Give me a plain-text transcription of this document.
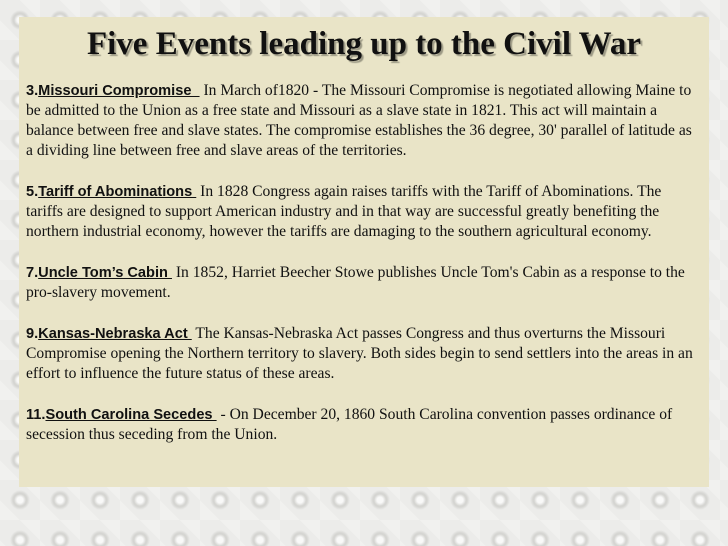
Five Events leading up to the Civil War

3.Missouri Compromise   In March of1820 - The Missouri Compromise is negotiated allowing Maine to be admitted to the Union as a free state and Missouri as a slave state in 1821. This act will maintain a balance between free and slave states. The compromise establishes the 36 degree, 30' parallel of latitude as a dividing line between free and slave areas of the territories.

5.Tariff of Abominations  In 1828 Congress again raises tariffs with the Tariff of Abominations. The tariffs are designed to support American industry and in that way are successful greatly benefiting the northern industrial economy, however the tariffs are damaging to the southern agricultural economy.

7.Uncle Tom’s Cabin  In 1852, Harriet Beecher Stowe publishes Uncle Tom's Cabin as a response to the pro-slavery movement.

9.Kansas-Nebraska Act  The Kansas-Nebraska Act passes Congress and thus overturns the Missouri Compromise opening the Northern territory to slavery. Both sides begin to send settlers into the areas in an effort to influence the future status of these areas.

11.South Carolina Secedes  - On December 20, 1860 South Carolina convention passes ordinance of secession thus seceding from the Union.
